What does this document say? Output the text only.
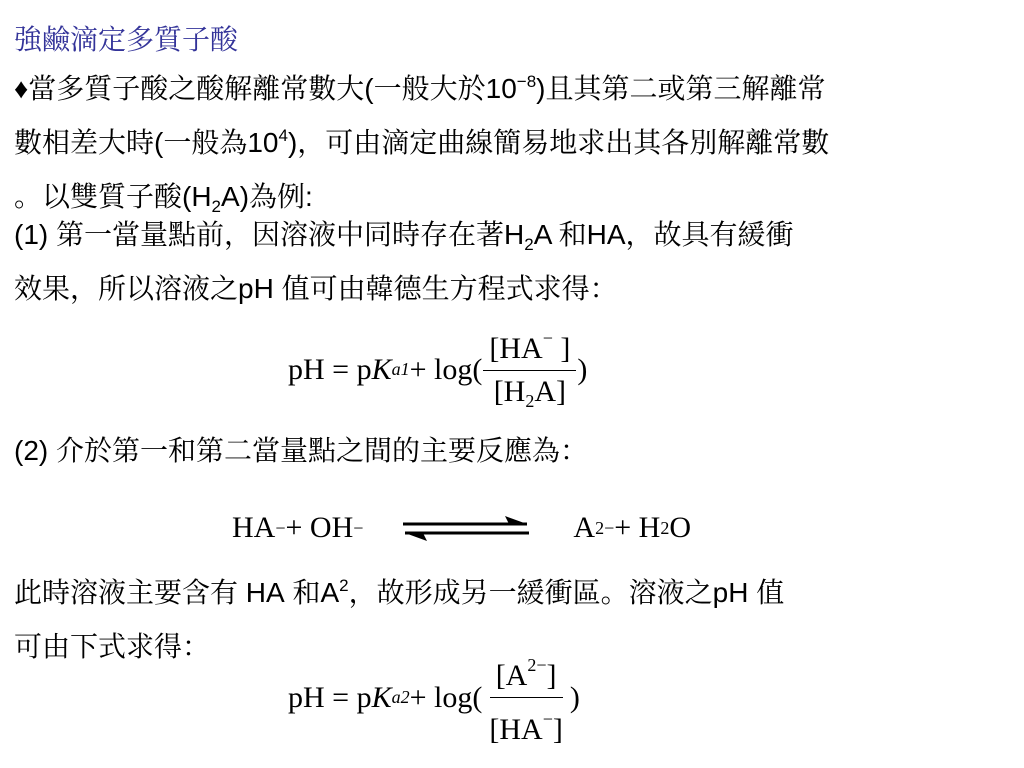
強鹼滴定多質子酸
♦當多質子酸之酸解離常數大(一般大於$10^{-8}$)且其第二或第三解離常
數相差大時(一般為$10^4$)，可由滴定曲線簡易地求出其各別解離常數
。以雙質子酸$(H_2A)$為例:
(1) 第一當量點前，因溶液中同時存在著$H_2A$ 和HA，故具有緩衝
效果，所以溶液之pH 值可由韓德生方程式求得：
pH = p K $a1 + \log( \frac{[HA^- ]}{[H_2A]}$ )
(2) 介於第一和第二當量點之間的主要反應為：
HA − + OH −	A 2− + H 2 O
此時溶液主要含有 HA 和$A^2$，故形成另一緩衝區。溶液之pH 值
可由下式求得：
pH = p K $a2 + \log( \frac{[A^{2-}]}{[HA^-]}$ )
